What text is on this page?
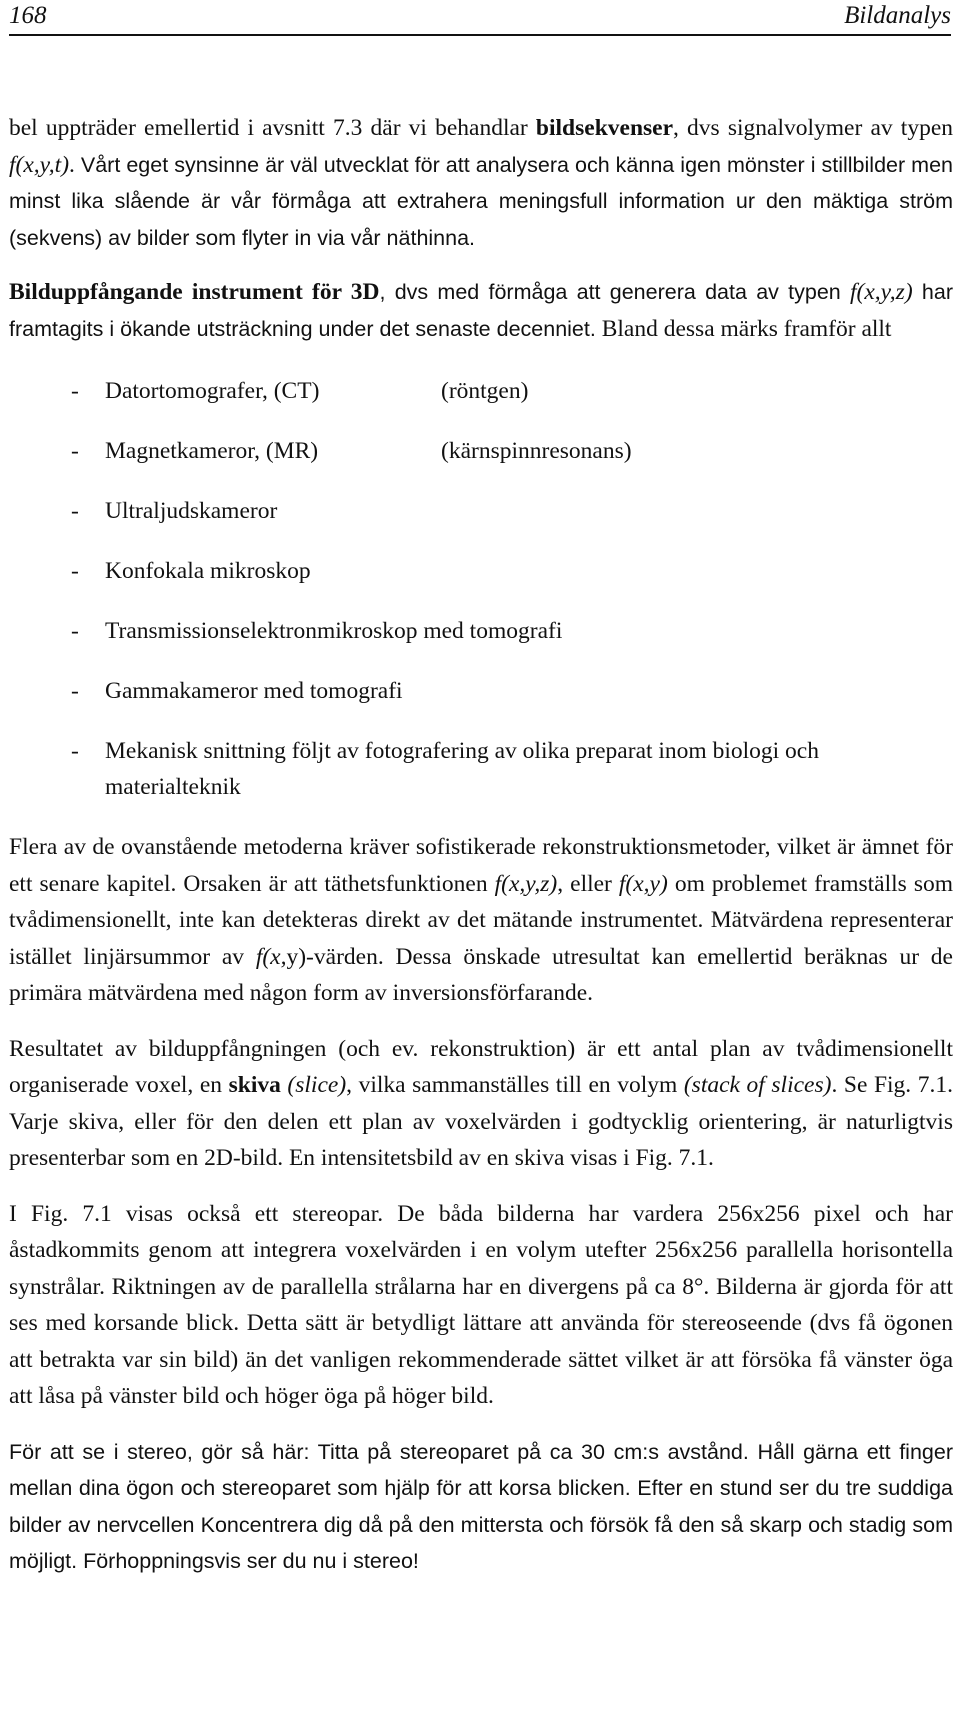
168	Bildanalys

bel uppträder emellertid i avsnitt 7.3 där vi behandlar bildsekvenser, dvs signalvolymer av typen f(x,y,t). Vårt eget synsinne är väl utvecklat för att analysera och känna igen mönster i stillbilder men minst lika slående är vår förmåga att extrahera meningsfull information ur den mäktiga ström (sekvens) av bilder som flyter in via vår näthinna.

Bilduppfångande instrument för 3D, dvs med förmåga att generera data av typen f(x,y,z) har framtagits i ökande utsträckning under det senaste decenniet. Bland dessa märks framför allt

- Datortomografer, (CT)	(röntgen)
- Magnetkameror, (MR)	(kärnspinnresonans)
- Ultraljudskameror
- Konfokala mikroskop
- Transmissionselektronmikroskop med tomografi
- Gammakameror med tomografi
- Mekanisk snittning följt av fotografering av olika preparat inom biologi och materialteknik

Flera av de ovanstående metoderna kräver sofistikerade rekonstruktionsmetoder, vilket är ämnet för ett senare kapitel. Orsaken är att täthetsfunktionen f(x,y,z), eller f(x,y) om problemet framställs som tvådimensionellt, inte kan detekteras direkt av det mätande instrumentet. Mätvärdena representerar istället linjärsummor av f(x,y)-värden. Dessa önskade utresultat kan emellertid beräknas ur de primära mätvärdena med någon form av inversionsförfarande.

Resultatet av bilduppfångningen (och ev. rekonstruktion) är ett antal plan av tvådimensionellt organiserade voxel, en skiva (slice), vilka sammanställes till en volym (stack of slices). Se Fig. 7.1. Varje skiva, eller för den delen ett plan av voxelvärden i godtycklig orientering, är naturligtvis presenterbar som en 2D-bild. En intensitetsbild av en skiva visas i Fig. 7.1.

I Fig. 7.1 visas också ett stereopar. De båda bilderna har vardera 256x256 pixel och har åstadkommits genom att integrera voxelvärden i en volym utefter 256x256 parallella horisontella synstrålar. Riktningen av de parallella strålarna har en divergens på ca 8°. Bilderna är gjorda för att ses med korsande blick. Detta sätt är betydligt lättare att använda för stereoseende (dvs få ögonen att betrakta var sin bild) än det vanligen rekommenderade sättet vilket är att försöka få vänster öga att låsa på vänster bild och höger öga på höger bild.

För att se i stereo, gör så här: Titta på stereoparet på ca 30 cm:s avstånd. Håll gärna ett finger mellan dina ögon och stereoparet som hjälp för att korsa blicken. Efter en stund ser du tre suddiga bilder av nervcellen Koncentrera dig då på den mittersta och försök få den så skarp och stadig som möjligt. Förhoppningsvis ser du nu i stereo!
